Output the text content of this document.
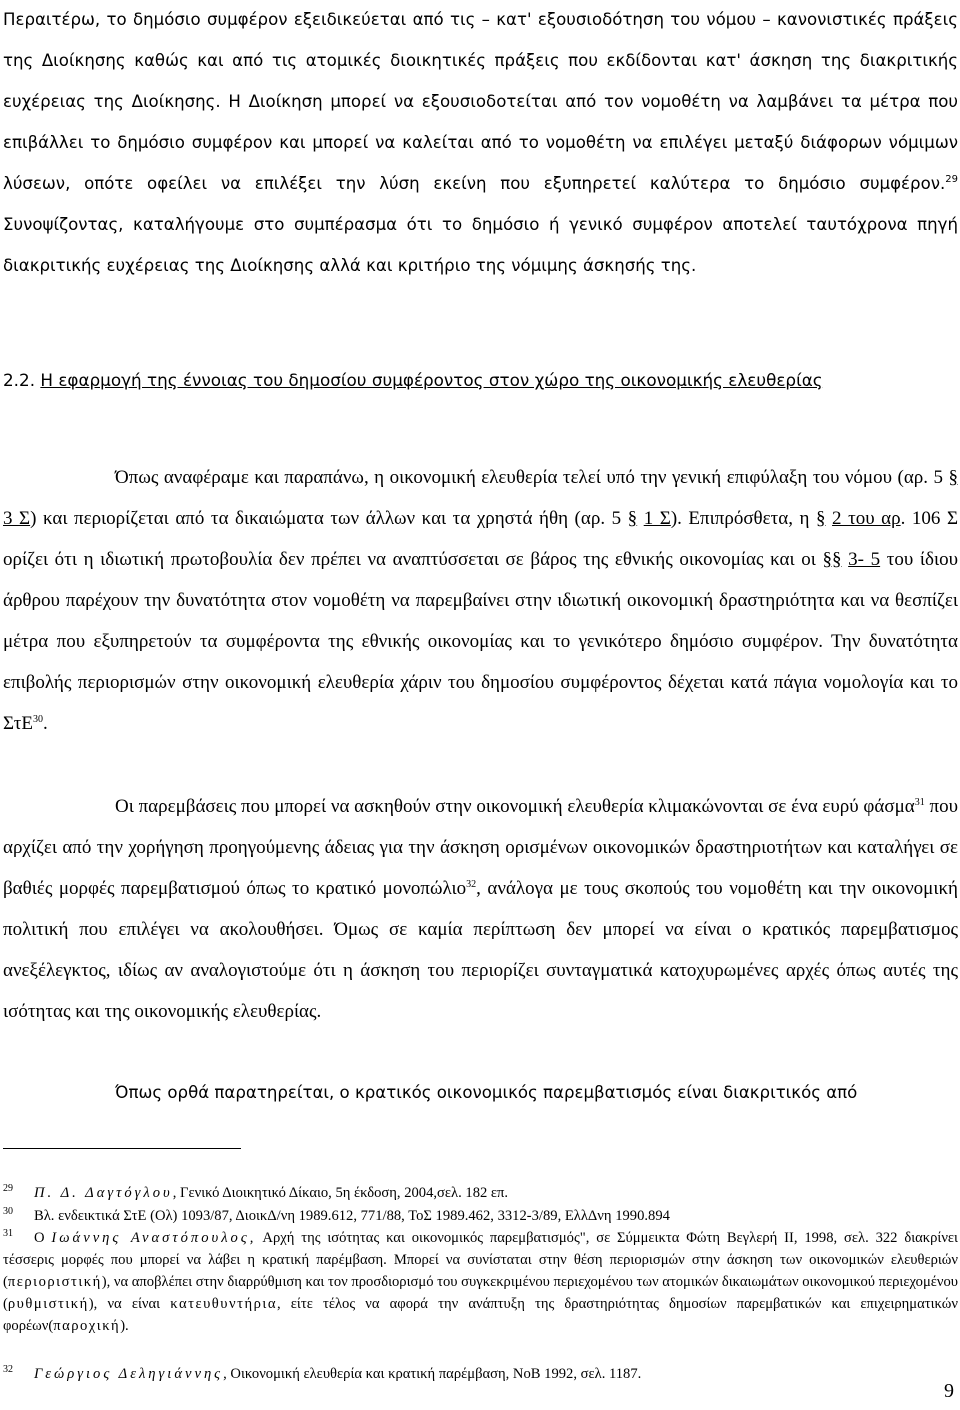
Περαιτέρω, το δημόσιο συμφέρον εξειδικεύεται από τις – κατ' εξουσιοδότηση του νόμου – κανονιστικές πράξεις της Διοίκησης καθώς και από τις ατομικές διοικητικές πράξεις που εκδίδονται κατ' άσκηση της διακριτικής ευχέρειας της Διοίκησης. Η Διοίκηση μπορεί να εξουσιοδοτείται από τον νομοθέτη να λαμβάνει τα μέτρα που επιβάλλει το δημόσιο συμφέρον και μπορεί να καλείται από το νομοθέτη να επιλέγει μεταξύ διάφορων νόμιμων λύσεων, οπότε οφείλει να επιλέξει την λύση εκείνη που εξυπηρετεί καλύτερα το δημόσιο συμφέρον.$^{29}$ Συνοψίζοντας, καταλήγουμε στο συμπέρασμα ότι το δημόσιο ή γενικό συμφέρον αποτελεί ταυτόχρονα πηγή διακριτικής ευχέρειας της Διοίκησης αλλά και κριτήριο της νόμιμης άσκησής της.

2.2. Η εφαρμογή της έννοιας του δημοσίου συμφέροντος στον χώρο της οικονομικής ελευθερίας

Όπως αναφέραμε και παραπάνω, η οικονομική ελευθερία τελεί υπό την γενική επιφύλαξη του νόμου (αρ. 5 § 3 Σ) και περιορίζεται από τα δικαιώματα των άλλων και τα χρηστά ήθη (αρ. 5 § 1 Σ). Επιπρόσθετα, η § 2 του αρ. 106 Σ ορίζει ότι η ιδιωτική πρωτοβουλία δεν πρέπει να αναπτύσσεται σε βάρος της εθνικής οικονομίας και οι §§ 3- 5 του ίδιου άρθρου παρέχουν την δυνατότητα στον νομοθέτη να παρεμβαίνει στην ιδιωτική οικονομική δραστηριότητα και να θεσπίζει μέτρα που εξυπηρετούν τα συμφέροντα της εθνικής οικονομίας και το γενικότερο δημόσιο συμφέρον. Την δυνατότητα επιβολής περιορισμών στην οικονομική ελευθερία χάριν του δημοσίου συμφέροντος δέχεται κατά πάγια νομολογία και το ΣτΕ$^{30}$.

Οι παρεμβάσεις που μπορεί να ασκηθούν στην οικονομική ελευθερία κλιμακώνονται σε ένα ευρύ φάσμα$^{31}$ που αρχίζει από την χορήγηση προηγούμενης άδειας για την άσκηση ορισμένων οικονομικών δραστηριοτήτων και καταλήγει σε βαθιές μορφές παρεμβατισμού όπως το κρατικό μονοπώλιο$^{32}$, ανάλογα με τους σκοπούς του νομοθέτη και την οικονομική πολιτική που επιλέγει να ακολουθήσει. Όμως σε καμία περίπτωση δεν μπορεί να είναι ο κρατικός παρεμβατισμος ανεξέλεγκτος, ιδίως αν αναλογιστούμε ότι η άσκηση του περιορίζει συνταγματικά κατοχυρωμένες αρχές όπως αυτές της ισότητας και της οικονομικής ελευθερίας.

Όπως ορθά παρατηρείται, ο κρατικός οικονομικός παρεμβατισμός είναι διακριτικός από

29 Π. Δ. Δαγτόγλου, Γενικό Διοικητικό Δίκαιο, 5η έκδοση, 2004,σελ. 182 επ.
30 Βλ. ενδεικτικά ΣτΕ (Ολ) 1093/87, ΔιοικΔ/νη 1989.612, 771/88, ΤοΣ 1989.462, 3312-3/89, ΕλλΔνη 1990.894
31	Ο Ιωάννης Αναστόπουλος, Αρχή της ισότητας και οικονομικός παρεμβατισμός", σε Σύμμεικτα Φώτη Βεγλερή ΙΙ, 1998, σελ. 322 διακρίνει τέσσερις μορφές που μπορεί να λάβει η κρατική παρέμβαση. Μπορεί να συνίσταται στην θέση περιορισμών στην άσκηση των οικονομικών ελευθεριών (περιοριστική), να αποβλέπει στην διαρρύθμιση και τον προσδιορισμό του συγκεκριμένου περιεχομένου των ατομικών δικαιωμάτων οικονομικού περιεχομένου (ρυθμιστική), να είναι κατευθυντήρια, είτε τέλος να αφορά την ανάπτυξη της δραστηριότητας δημοσίων παρεμβατικών και επιχειρηματικών φορέων(παροχική).
32 Γεώργιος Δεληγιάννης, Οικονομική ελευθερία και κρατική παρέμβαση, ΝοΒ 1992, σελ. 1187.
9
